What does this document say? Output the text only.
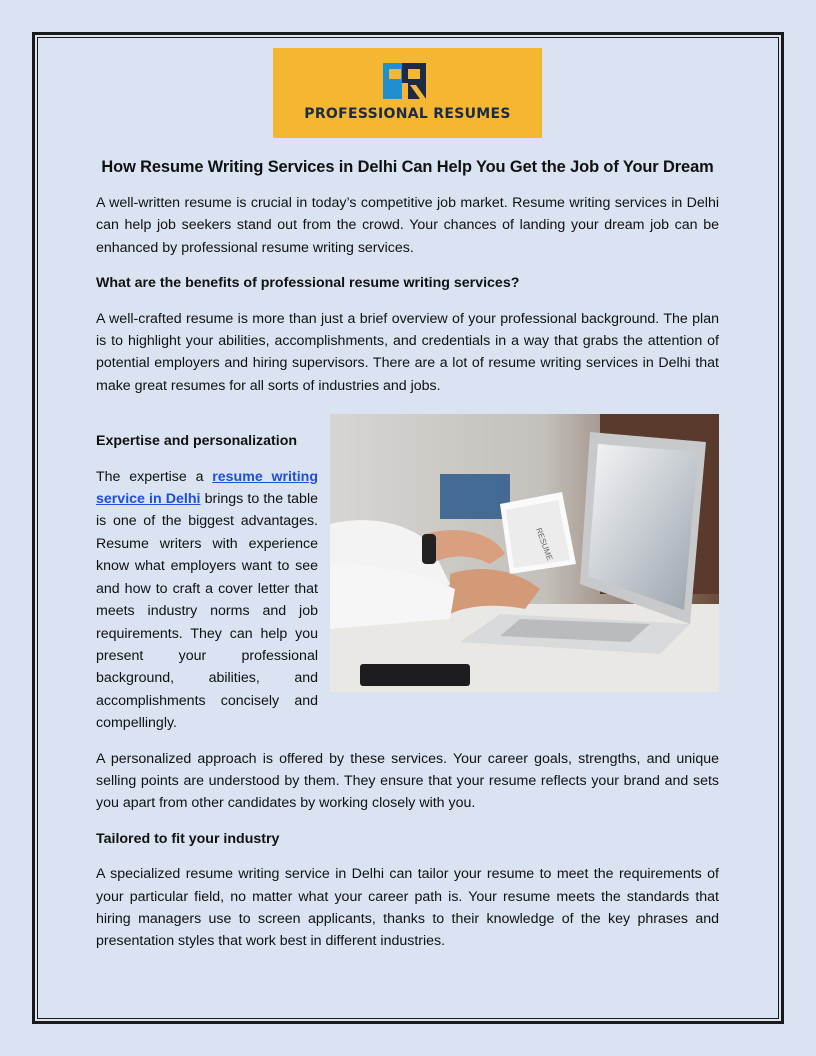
PROFESSIONAL RESUMES
How Resume Writing Services in Delhi Can Help You Get the Job of Your Dream

A well-written resume is crucial in today’s competitive job market. Resume writing services in Delhi can help job seekers stand out from the crowd. Your chances of landing your dream job can be enhanced by professional resume writing services.

What are the benefits of professional resume writing services?

A well-crafted resume is more than just a brief overview of your professional background. The plan is to highlight your abilities, accomplishments, and credentials in a way that grabs the attention of potential employers and hiring supervisors. There are a lot of resume writing services in Delhi that make great resumes for all sorts of industries and jobs.

RESUME
Expertise and personalization

The expertise a resume writing service in Delhi brings to the table is one of the biggest advantages. Resume writers with experience know what employers want to see and how to craft a cover letter that meets industry norms and job requirements. They can help you present your professional background, abilities, and accomplishments concisely and compellingly.

A personalized approach is offered by these services. Your career goals, strengths, and unique selling points are understood by them. They ensure that your resume reflects your brand and sets you apart from other candidates by working closely with you.

Tailored to fit your industry

A specialized resume writing service in Delhi can tailor your resume to meet the requirements of your particular field, no matter what your career path is. Your resume meets the standards that hiring managers use to screen applicants, thanks to their knowledge of the key phrases and presentation styles that work best in different industries.
